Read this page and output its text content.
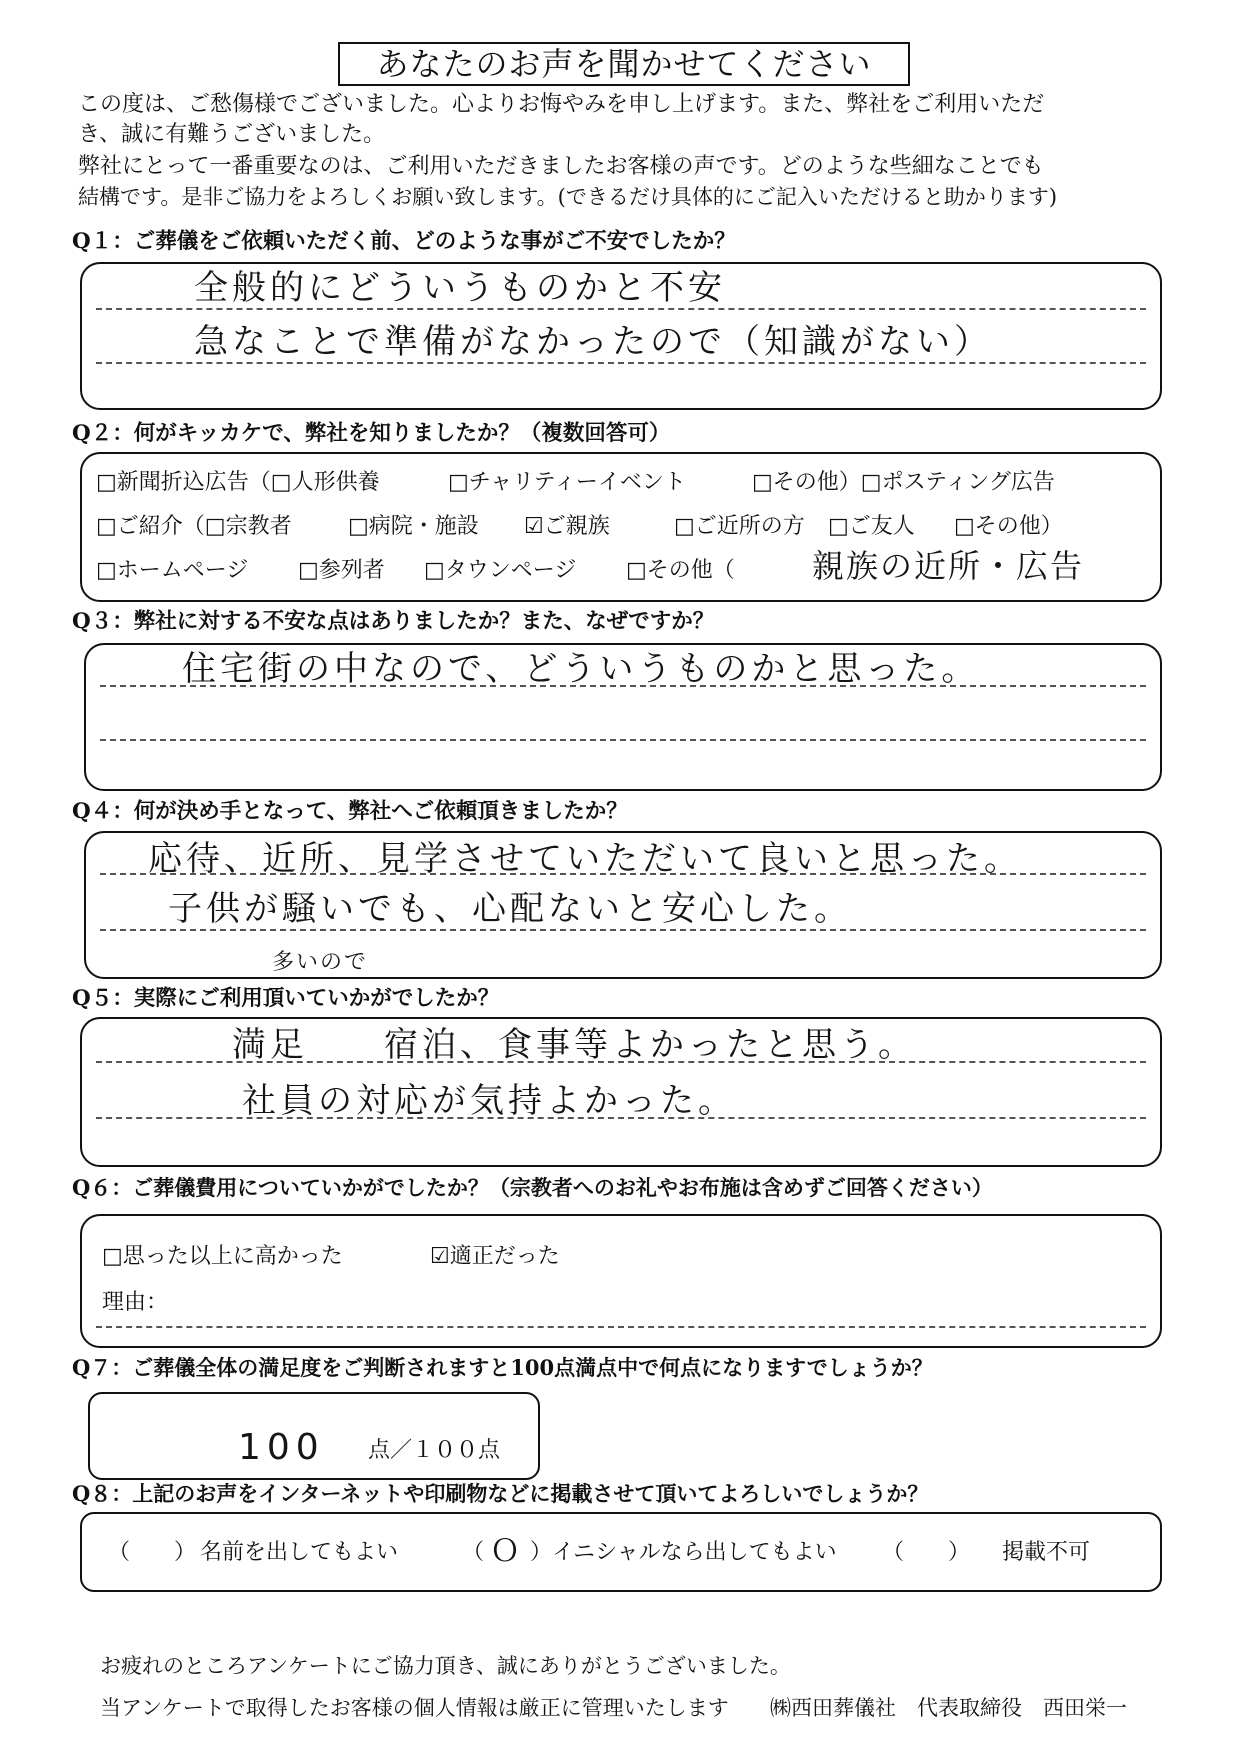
あなたのお声を聞かせてください
この度は、ご愁傷様でございました。心よりお悔やみを申し上げます。また、弊社をご利用いただ
き、誠に有難うございました。
弊社にとって一番重要なのは、ご利用いただきましたお客様の声です。どのような些細なことでも
結構です。是非ご協力をよろしくお願い致します。(できるだけ具体的にご記入いただけると助かります)
Q１：ご葬儀をご依頼いただく前、どのような事がご不安でしたか？
全般的にどういうものかと不安
急なことで準備がなかったので（知識がない）
Q２：何がキッカケで、弊社を知りましたか？（複数回答可）
□新聞折込広告（□人形供養	□チャリティーイベント	□その他）□ポスティング広告
□ご紹介（□宗教者	□病院・施設 ☑ご親族	□ご近所の方 □ご友人 □その他）
□ホームページ □参列者 □タウンページ □その他（ 親族の近所・広告
Q３：弊社に対する不安な点はありましたか？また、なぜですか？
住宅街の中なので、どういうものかと思った。
Q４：何が決め手となって、弊社へご依頼頂きましたか？
応待、近所、見学させていただいて良いと思った。
子供が騒いでも、心配ないと安心した。
多いので
Q５：実際にご利用頂いていかがでしたか？
満足　　宿泊、食事等よかったと思う。
社員の対応が気持よかった。
Q６：ご葬儀費用についていかがでしたか？（宗教者へのお礼やお布施は含めずご回答ください）
□思った以上に高かった	☑適正だった
理由：
Q７：ご葬儀全体の満足度をご判断されますと100点満点中で何点になりますでしょうか？
100 点／１００点
Q８：上記のお声をインターネットや印刷物などに掲載させて頂いてよろしいでしょうか？
（　　） 名前を出してもよい	（ Ｏ ） イニシャルなら出してもよい （　　） 掲載不可
お疲れのところアンケートにご協力頂き、誠にありがとうございました。
当アンケートで取得したお客様の個人情報は厳正に管理いたします ㈱西田葬儀社　代表取締役　西田栄一
